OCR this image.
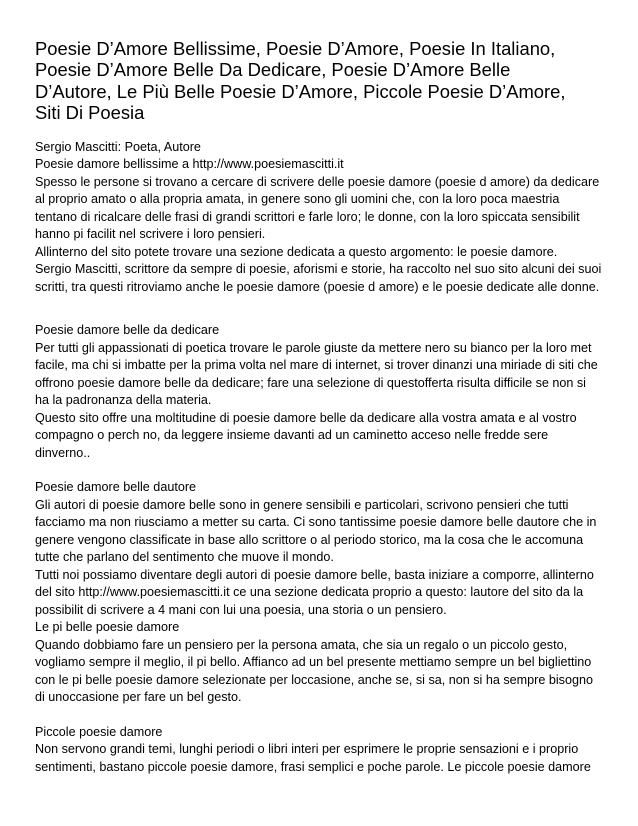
Poesie D’Amore Bellissime, Poesie D’Amore, Poesie In Italiano,
Poesie D’Amore Belle Da Dedicare, Poesie D’Amore Belle
D’Autore, Le Più Belle Poesie D’Amore, Piccole Poesie D’Amore,
Siti Di Poesia
Sergio Mascitti: Poeta, Autore
Poesie damore bellissime a http://www.poesiemascitti.it
Spesso le persone si trovano a cercare di scrivere delle poesie damore (poesie d amore) da dedicare
al proprio amato o alla propria amata, in genere sono gli uomini che, con la loro poca maestria
tentano di ricalcare delle frasi di grandi scrittori e farle loro; le donne, con la loro spiccata sensibilit
hanno pi facilit nel scrivere i loro pensieri.
Allinterno del sito potete trovare una sezione dedicata a questo argomento: le poesie damore.
Sergio Mascitti, scrittore da sempre di poesie, aforismi e storie, ha raccolto nel suo sito alcuni dei suoi
scritti, tra questi ritroviamo anche le poesie damore (poesie d amore) e le poesie dedicate alle donne.
Poesie damore belle da dedicare
Per tutti gli appassionati di poetica trovare le parole giuste da mettere nero su bianco per la loro met
facile, ma chi si imbatte per la prima volta nel mare di internet, si trover dinanzi una miriade di siti che
offrono poesie damore belle da dedicare; fare una selezione di questofferta risulta difficile se non si
ha la padronanza della materia.
Questo sito offre una moltitudine di poesie damore belle da dedicare alla vostra amata e al vostro
compagno o perch no, da leggere insieme davanti ad un caminetto acceso nelle fredde sere
dinverno..
Poesie damore belle dautore
Gli autori di poesie damore belle sono in genere sensibili e particolari, scrivono pensieri che tutti
facciamo ma non riusciamo a metter su carta. Ci sono tantissime poesie damore belle dautore che in
genere vengono classificate in base allo scrittore o al periodo storico, ma la cosa che le accomuna
tutte che parlano del sentimento che muove il mondo.
Tutti noi possiamo diventare degli autori di poesie damore belle, basta iniziare a comporre, allinterno
del sito http://www.poesiemascitti.it ce una sezione dedicata proprio a questo: lautore del sito da la
possibilit di scrivere a 4 mani con lui una poesia, una storia o un pensiero.
Le pi belle poesie damore
Quando dobbiamo fare un pensiero per la persona amata, che sia un regalo o un piccolo gesto,
vogliamo sempre il meglio, il pi bello. Affianco ad un bel presente mettiamo sempre un bel bigliettino
con le pi belle poesie damore selezionate per loccasione, anche se, si sa, non si ha sempre bisogno
di unoccasione per fare un bel gesto.
Piccole poesie damore
Non servono grandi temi, lunghi periodi o libri interi per esprimere le proprie sensazioni e i proprio
sentimenti, bastano piccole poesie damore, frasi semplici e poche parole. Le piccole poesie damore
